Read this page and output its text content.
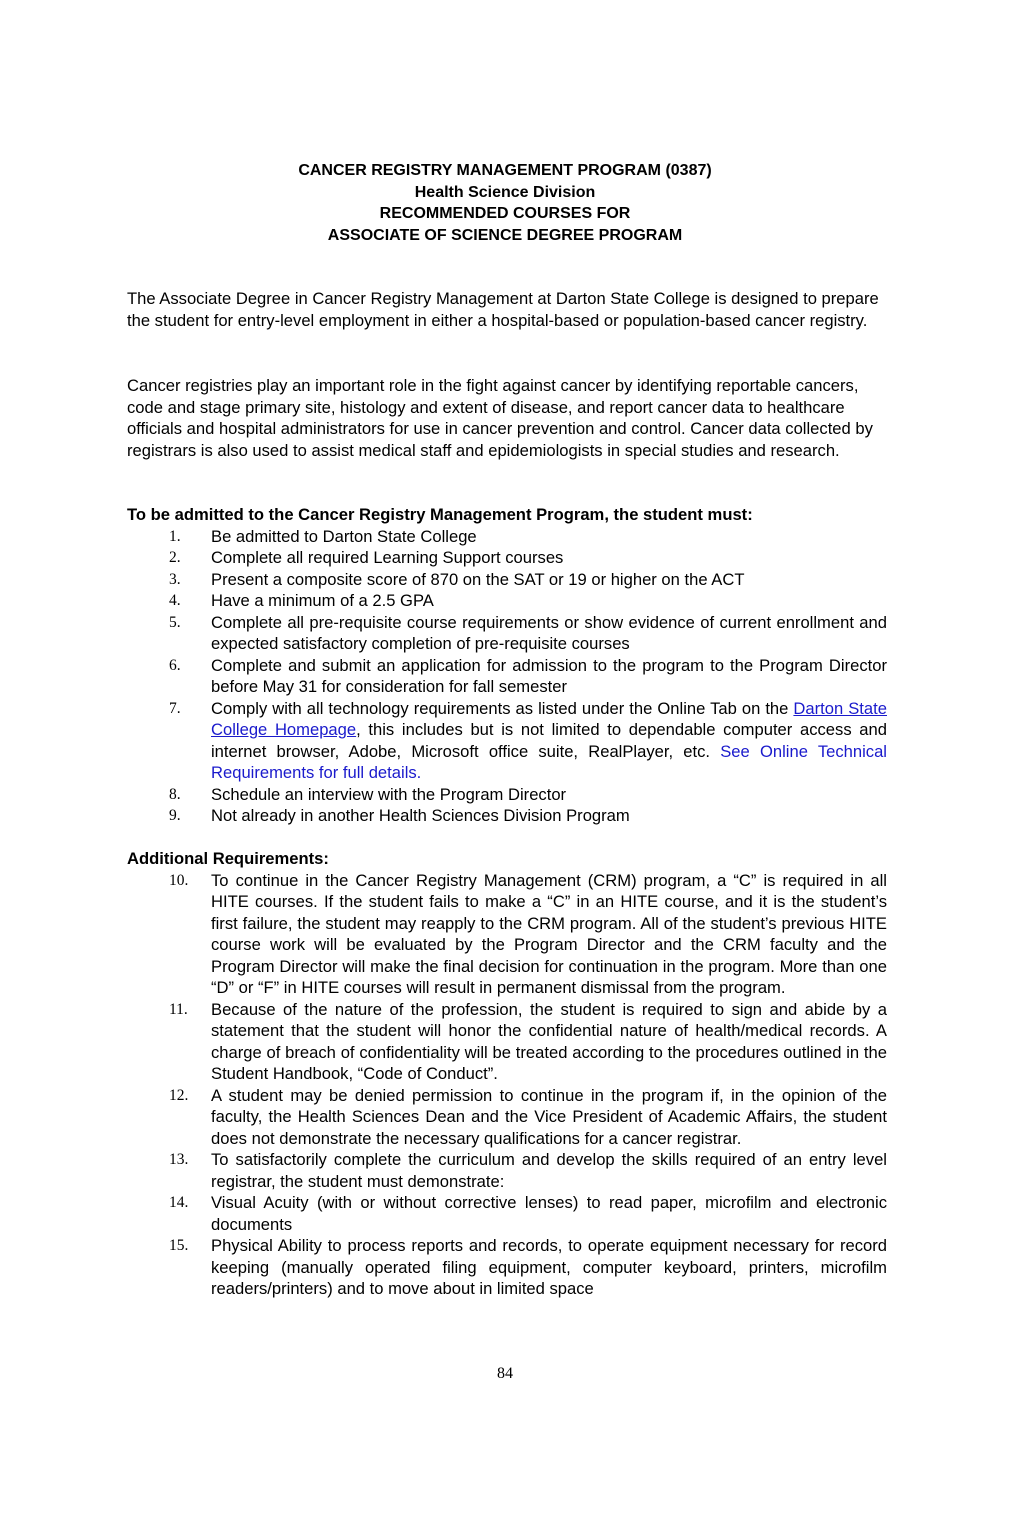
CANCER REGISTRY MANAGEMENT PROGRAM (0387)
Health Science Division
RECOMMENDED COURSES FOR
ASSOCIATE OF SCIENCE DEGREE PROGRAM

The Associate Degree in Cancer Registry Management at Darton State College is designed to prepare the student for entry-level employment in either a hospital-based or population-based cancer registry.

Cancer registries play an important role in the fight against cancer by identifying reportable cancers, code and stage primary site, histology and extent of disease, and report cancer data to healthcare officials and hospital administrators for use in cancer prevention and control. Cancer data collected by registrars is also used to assist medical staff and epidemiologists in special studies and research.

To be admitted to the Cancer Registry Management Program, the student must:

1. Be admitted to Darton State College
2. Complete all required Learning Support courses
3. Present a composite score of 870 on the SAT or 19 or higher on the ACT
4. Have a minimum of a 2.5 GPA
5. Complete all pre-requisite course requirements or show evidence of current enrollment and expected satisfactory completion of pre-requisite courses
6. Complete and submit an application for admission to the program to the Program Director before May 31 for consideration for fall semester
7. Comply with all technology requirements as listed under the Online Tab on the Darton State College Homepage, this includes but is not limited to dependable computer access and internet browser, Adobe, Microsoft office suite, RealPlayer, etc. See Online Technical Requirements for full details.
8. Schedule an interview with the Program Director
9. Not already in another Health Sciences Division Program

Additional Requirements:

10. To continue in the Cancer Registry Management (CRM) program, a “C” is required in all HITE courses. If the student fails to make a “C” in an HITE course, and it is the student’s first failure, the student may reapply to the CRM program. All of the student’s previous HITE course work will be evaluated by the Program Director and the CRM faculty and the Program Director will make the final decision for continuation in the program. More than one “D” or “F” in HITE courses will result in permanent dismissal from the program.
11. Because of the nature of the profession, the student is required to sign and abide by a statement that the student will honor the confidential nature of health/medical records. A charge of breach of confidentiality will be treated according to the procedures outlined in the Student Handbook, “Code of Conduct”.
12. A student may be denied permission to continue in the program if, in the opinion of the faculty, the Health Sciences Dean and the Vice President of Academic Affairs, the student does not demonstrate the necessary qualifications for a cancer registrar.
13. To satisfactorily complete the curriculum and develop the skills required of an entry level registrar, the student must demonstrate:
14. Visual Acuity (with or without corrective lenses) to read paper, microfilm and electronic documents
15. Physical Ability to process reports and records, to operate equipment necessary for record keeping (manually operated filing equipment, computer keyboard, printers, microfilm readers/printers) and to move about in limited space
84
